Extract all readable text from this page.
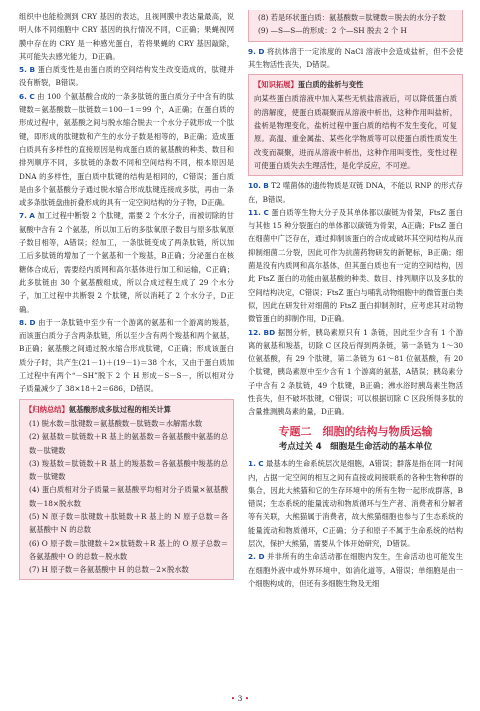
组织中也能检测到 CRY 基因的表达，且视网膜中表达量最高，说明人体不同细胞中 CRY 基因的执行情况不同，C正确；果蝇视网膜中存在的 CRY 是一种感光蛋白，若将果蝇的 CRY 基因敲除，其可能失去感光能力，D正确。

5. B 蛋白质变性是由蛋白质的空间结构发生改变造成的，肽键并没有断裂，B错误。

6. C 由 100 个氨基酸合成的一条多肽链的蛋白质分子中含有的肽键数＝氨基酸数－肽链数＝100－1＝99 个，A正确；在蛋白质的形成过程中，氨基酸之间与脱水缩合脱去一个水分子就形成一个肽键，即形成的肽键数和产生的水分子数是相等的，B正确；造成蛋白质具有多样性的直接原因是构成蛋白质的氨基酸的种类、数目和排列顺序不同，多肽链的条数不同和空间结构不同，根本原因是 DNA 的多样性，蛋白质中肽键的结构是相同的，C错误；蛋白质是由多个氨基酸分子通过脱水缩合形成肽键连接成多肽，再由一条或多条肽链盘曲折叠形成的具有一定空间结构的分子物，D正确。

7. A 加工过程中断裂 2 个肽键，需要 2 个水分子，而被切除的甘氨酸中含有 2 个氨基，所以加工后的多肽氧原子数目与原多肽氧原子数目相等，A错误；经加工，一条肽链变成了两条肽链，所以加工后多肽链的增加了一个氨基和一个羧基，B正确；分泌蛋白在核糖体合成后，需要经内质网和高尔基体进行加工和运输，C正确；此多肽链由 30 个氨基酸组成，所以合成过程生成了 29 个水分子，加工过程中共断裂 2 个肽键，所以消耗了 2 个水分子，D正确。

8. D 由于一条肽链中至少有一个游离的氨基和一个游离的羧基，而该蛋白质分子含两条肽链，所以至少含有两个羧基和两个氨基，B正确；氨基酸之间通过脱水缩合形成肽键，C正确；形成该蛋白质分子时，共产生(21－1)＋(19－1)＝38 个水，又由于蛋白质加工过程中有两个“－SH”脱下 2 个 H 形成－S－S－，所以相对分子质量减少了 38×18＋2＝686，D错误。

【归纳总结】氨基酸形成多肽过程的相关计算

(1) 脱水数＝肽键数＝氨基酸数－肽链数＝水解需水数

(2) 氨基数＝肽链数＋R 基上的氨基数＝各氨基酸中氨基的总数－肽键数

(3) 羧基数＝肽链数＋R 基上的羧基数＝各氨基酸中羧基的总数－肽键数

(4) 蛋白质相对分子质量＝氨基酸平均相对分子质量×氨基酸数－18×脱水数

(5) N 原子数＝肽键数＋肽链数＋R 基上的 N 原子总数＝各氨基酸中 N 的总数

(6) O 原子数＝肽键数＋2×肽链数＋R 基上的 O 原子总数＝各氨基酸中 O 的总数－脱水数

(7) H 原子数＝各氨基酸中 H 的总数－2×脱水数

(8) 若是环状蛋白质：氨基酸数＝肽键数＝脱去的水分子数

(9) —S—S—的形成：2 个—SH 脱去 2 个 H

9. D 将抗体溶于一定浓度的 NaCl 溶液中会造成盐析，但不会使其生物活性丧失，D错误。

【知识拓展】蛋白质的盐析与变性

向某些蛋白质溶液中加入某些无机盐溶液后，可以降低蛋白质的溶解度，使蛋白质凝聚而从溶液中析出，这种作用叫盐析，盐析是物理变化，盐析过程中蛋白质的结构不发生变化，可复原。高温、重金属盐、某些化学物质等可以使蛋白质性质发生改变而凝聚，进而从溶液中析出，这种作用叫变性，变性过程可使蛋白质失去生理活性，是化学反应，不可逆。

10. B T2 噬菌体的遗传物质是双链 DNA，不能以 RNP 的形式存在，B错误。

11. C 蛋白质等生物大分子及其单体都以碳链为骨架，FtsZ 蛋白与其他 15 种分裂蛋白的单体都以碳链为骨架，A正确；FtsZ 蛋白在细菌中广泛存在，通过抑制该蛋白的合成或破坏其空间结构从而抑制细菌二分裂，因此可作为抗菌药物研发的新靶标，B正确；细菌是没有内质网和高尔基体，但其蛋白质也有一定的空间结构，因此 FtsZ 蛋白的功能由氨基酸的种类、数目、排列顺序以及多肽的空间结构决定，C错误；FtsZ 蛋白与哺乳动物细胞中的微管蛋白类似，因此在研发针对细菌的 FtsZ 蛋白抑制剂时，应考虑其对动物微管蛋白的抑制作用，D正确。

12. BD 据图分析，胰岛素原只有 1 条链，因此至少含有 1 个游离的氨基和羧基，切除 C 区段后得到两条链，第一条链为 1～30 位氨基酸，有 29 个肽键，第二条链为 61～81 位氨基酸，有 20 个肽键，胰岛素原中至少含有 1 个游离的氨基，A错误；胰岛素分子中含有 2 条肽链，49 个肽键，B正确；沸水浴时胰岛素生物活性丧失，但不破坏肽键，C错误；可以根据切除 C 区段所得多肽的含量推测胰岛素的量，D正确。

专题二　细胞的结构与物质运输
考点过关 4　细胞是生命活动的基本单位

1. C 最基本的生命系统层次是细胞，A错误；群落是指在同一时间内，占据一定空间的相互之间有直接或间接联系的各种生物种群的集合，因此大熊猫和它的生存环境中的所有生物一起形成群落，B错误；生态系统的能量流动和物质循环与生产者、消费者和分解者等有关联，大熊猫属于消费者，故大熊猫细胞也参与了生态系统的能量流动和物质循环，C正确；分子和原子不属于生命系统的结构层次，保护大熊猫，需要从个体开始研究，D错误。

2. D 并非所有的生命活动都在细胞内发生，生命活动也可能发生在细胞外液中或外界环境中，如消化道等，A错误；单细胞是由一个细胞构成的，但还有多细胞生物及无细

• 3 •
